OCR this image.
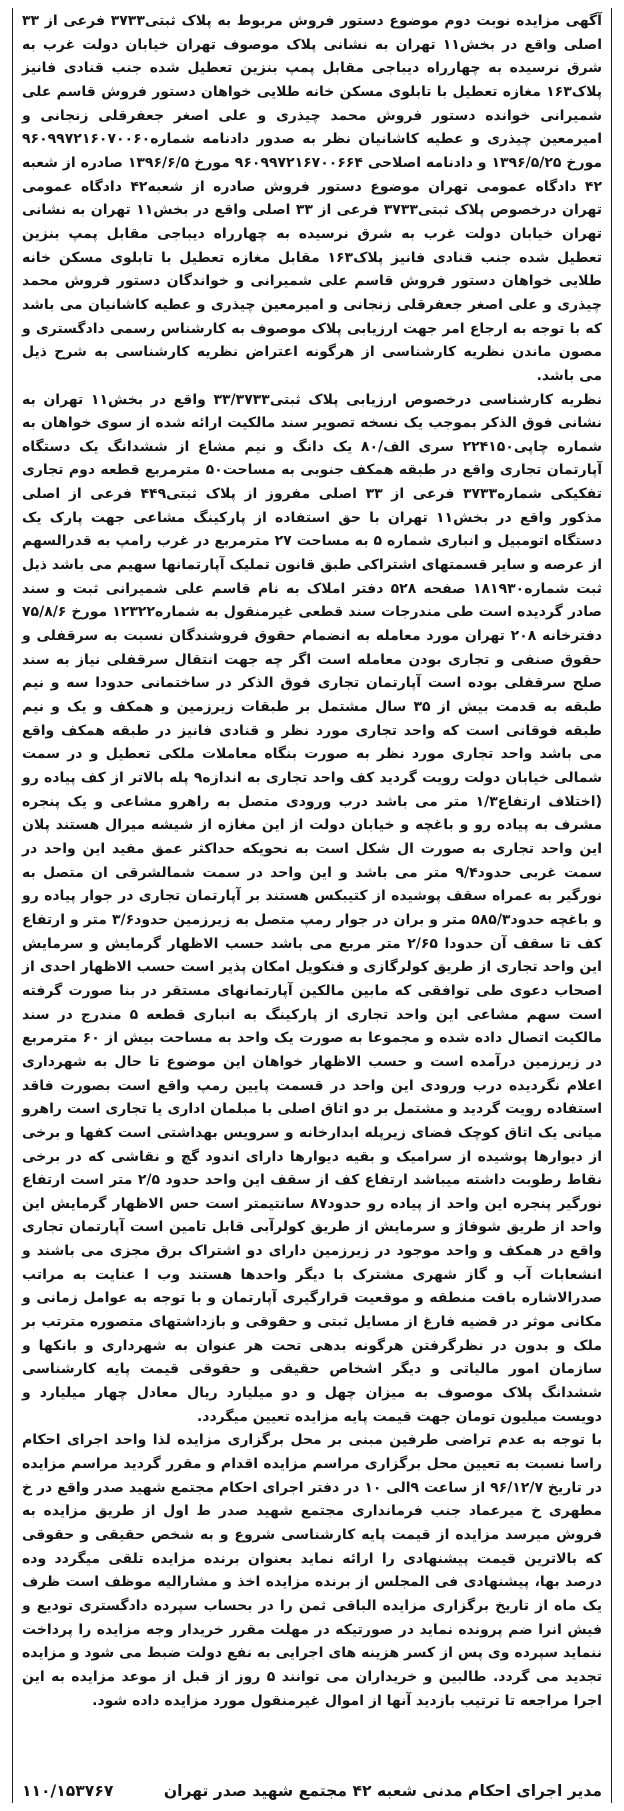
آگهی مزایده نوبت دوم موضوع دستور فروش مربوط به پلاک ثبتی۳۷۳۳ فرعی از ۳۳ اصلی واقع در بخش۱۱ تهران به نشانی پلاک موصوف تهران خیابان دولت غرب به شرق نرسیده به چهارراه دیباجی مقابل پمپ بنزین تعطیل شده جنب قنادی فانیز پلاک۱۶۳ مغازه تعطیل با تابلوی مسکن خانه طلایی خواهان دستور فروش قاسم علی شمیرانی خوانده دستور فروش محمد چیذری و علی اصغر جعفرقلی زنجانی و امیرمعین چیذری و عطیه کاشانیان نظر به صدور دادنامه شماره۹۶۰۹۹۷۲۱۶۰۷۰۰۶۰ مورخ ۱۳۹۶/۵/۲۵ و دادنامه اصلاحی ۹۶۰۹۹۷۲۱۶۷۰۰۶۶۴ مورخ ۱۳۹۶/۶/۵ صادره از شعبه ۴۲ دادگاه عمومی تهران موضوع دستور فروش صادره از شعبه۴۲ دادگاه عمومی تهران درخصوص پلاک ثبتی۳۷۳۳ فرعی از ۳۳ اصلی واقع در بخش۱۱ تهران به نشانی تهران خیابان دولت غرب به شرق نرسیده به چهارراه دیباجی مقابل پمپ بنزین تعطیل شده جنب قنادی فانیز پلاک۱۶۳ مقابل مغازه تعطیل با تابلوی مسکن خانه طلایی خواهان دستور فروش قاسم علی شمیرانی و خواندگان دستور فروش محمد چیذری و علی اصغر جعفرقلی زنجانی و امیرمعین چیذری و عطیه کاشانیان می باشد که با توجه به ارجاع امر جهت ارزیابی پلاک موصوف به کارشناس رسمی دادگستری و مصون ماندن نظریه کارشناسی از هرگونه اعتراض نظریه کارشناسی به شرح ذیل می باشد.

نظریه کارشناسی درخصوص ارزیابی پلاک ثبتی۳۳/۳۷۳۳ واقع در بخش۱۱ تهران به نشانی فوق الذکر بموجب یک نسخه تصویر سند مالکیت ارائه شده از سوی خواهان به شماره چاپی۲۲۴۱۵۰ سری الف/۸۰ یک دانگ و نیم مشاع از ششدانگ یک دستگاه آپارتمان تجاری واقع در طبقه همکف جنوبی به مساحت۵۰ مترمربع قطعه دوم تجاری تفکیکی شماره۳۷۳۳ فرعی از ۳۳ اصلی مفروز از پلاک ثبتی۴۴۹ فرعی از اصلی مذکور واقع در بخش۱۱ تهران با حق استفاده از پارکینگ مشاعی جهت پارک یک دستگاه اتومبیل و انباری شماره ۵ به مساحت ۲۷ مترمربع در غرب رامپ به قدرالسهم از عرصه و سایر قسمتهای اشتراکی طبق قانون تملیک آپارتمانها سهیم می باشد ذیل ثبت شماره۱۸۱۹۳۰ صفحه ۵۲۸ دفتر املاک به نام قاسم علی شمیرانی ثبت و سند صادر گردیده است طی مندرجات سند قطعی غیرمنقول به شماره۱۲۳۲۲ مورخ ۷۵/۸/۶ دفترخانه ۲۰۸ تهران مورد معامله به انضمام حقوق فروشندگان نسبت به سرقفلی و حقوق صنفی و تجاری بودن معامله است اگر چه جهت انتقال سرقفلی نیاز به سند صلح سرقفلی بوده است آپارتمان تجاری فوق الذکر در ساختمانی حدودا سه و نیم طبقه به قدمت بیش از ۳۵ سال مشتمل بر طبقات زیرزمین و همکف و یک و نیم طبقه فوقانی است که واحد تجاری مورد نظر و قنادی فانیز در طبقه همکف واقع می باشد واحد تجاری مورد نظر به صورت بنگاه معاملات ملکی تعطیل و در سمت شمالی خیابان دولت رویت گردید کف واحد تجاری به اندازه۹ پله بالاتر از کف پیاده رو (اختلاف ارتفاع۱/۳ متر می باشد درب ورودی متصل به راهرو مشاعی و یک پنجره مشرف به پیاده رو و باغچه و خیابان دولت از این مغازه از شیشه میرال هستند پلان این واحد تجاری به صورت ال شکل است به نحویکه حداکثر عمق مفید این واحد در سمت غربی حدود۹/۴ متر می باشد و این واحد در سمت شمالشرقی ان متصل به نورگیر به عمراه سقف پوشیده از کتیبکس هستند بر آپارتمان تجاری در جوار پیاده رو و باغچه حدود۵۸۵/۳ متر و بران در جوار رمپ متصل به زیرزمین حدود۳/۶ متر و ارتفاع کف تا سقف آن حدودا ۲/۶۵ متر مربع می باشد حسب الاظهار گرمایش و سرمایش این واحد تجاری از طریق کولرگازی و فنکویل امکان پذیر است حسب الاظهار احدی از اصحاب دعوی طی توافقی که مابین مالکین آپارتمانهای مستقر در بنا صورت گرفته است سهم مشاعی این واحد تجاری از پارکینگ به انباری قطعه ۵ مندرج در سند مالکیت اتصال داده شده و مجموعا به صورت یک واحد به مساحت بیش از ۶۰ مترمربع در زیرزمین درآمده است و حسب الاظهار خواهان این موضوع تا حال به شهرداری اعلام نگردیده درب ورودی این واحد در قسمت پایین رمپ واقع است بصورت فاقد استفاده رویت گردید و مشتمل بر دو اتاق اصلی با مبلمان اداری یا تجاری است راهرو میانی یک اتاق کوچک فضای زیرپله ابدارخانه و سرویس بهداشتی است کفها و برخی از دیوارها پوشیده از سرامیک و بقیه دیوارها دارای اندود گچ و نقاشی که در برخی نقاط رطوبت داشته میباشد ارتفاع کف از سقف این واحد حدود ۲/۵ متر است ارتفاع نورگیر پنجره این واحد از پیاده رو حدود۸۷ سانتیمتر است حس الاظهار گرمایش این واحد از طریق شوفاژ و سرمایش از طریق کولرآبی قابل تامین است آپارتمان تجاری واقع در همکف و واحد موجود در زیرزمین دارای دو اشتراک برق مجزی می باشند و انشعابات آب و گاز شهری مشترک با دیگر واحدها هستند وب ا عنایت به مراتب صدرالاشاره بافت منطقه و موقعیت قرارگیری آپارتمان و با توجه به عوامل زمانی و مکانی موثر در قضیه فارغ از مسایل ثبتی و حقوقی و بازداشتهای متصوره مترتب بر ملک و بدون در نظرگرفتن هرگونه بدهی تحت هر عنوان به شهرداری و بانکها و سازمان امور مالیاتی و دیگر اشخاص حقیقی و حقوقی قیمت پایه کارشناسی ششدانگ پلاک موصوف به میزان چهل و دو میلیارد ریال معادل چهار میلیارد و دویست میلیون تومان جهت قیمت پایه مزایده تعیین میگردد.

با توجه به عدم تراضی طرفین مبنی بر محل برگزاری مزایده لذا واحد اجرای احکام راسا نسبت به تعیین محل برگزاری مراسم مزایده اقدام و مقرر گردید مراسم مزایده در تاریخ ۹۶/۱۲/۷ از ساعت ۹الی ۱۰ در دفتر اجرای احکام مجتمع شهید صدر واقع در خ مطهری خ میرعماد جنب فرمانداری مجتمع شهید صدر ط اول از طریق مزایده به فروش میرسد مزایده از قیمت پایه کارشناسی شروع و به شخص حقیقی و حقوقی که بالاترین قیمت پیشنهادی را ارائه نماید بعنوان برنده مزایده تلقی میگردد وده درصد بها، پیشنهادی فی المجلس از برنده مزایده اخذ و مشارالیه موظف است ظرف یک ماه از تاریخ برگزاری مزایده الباقی ثمن را در بحساب سپرده دادگستری تودیع و فیش انرا ضم پرونده نماید در صورتیکه در مهلت مقرر خریدار وجه مزایده را پرداخت ننماید سپرده وی پس از کسر هزینه های اجرایی به نفع دولت ضبط می شود و مزایده تجدید می گردد. طالبین و خریداران می توانند ۵ روز از قبل از موعد مزایده به این اجرا مراجعه تا ترتیب بازدید آنها از اموال غیرمنقول مورد مزایده داده شود.

مدیر اجرای احکام مدنی شعبه ۴۲ مجتمع شهید صدر تهران
۱۱۰/۱۵۳۷۶۷
